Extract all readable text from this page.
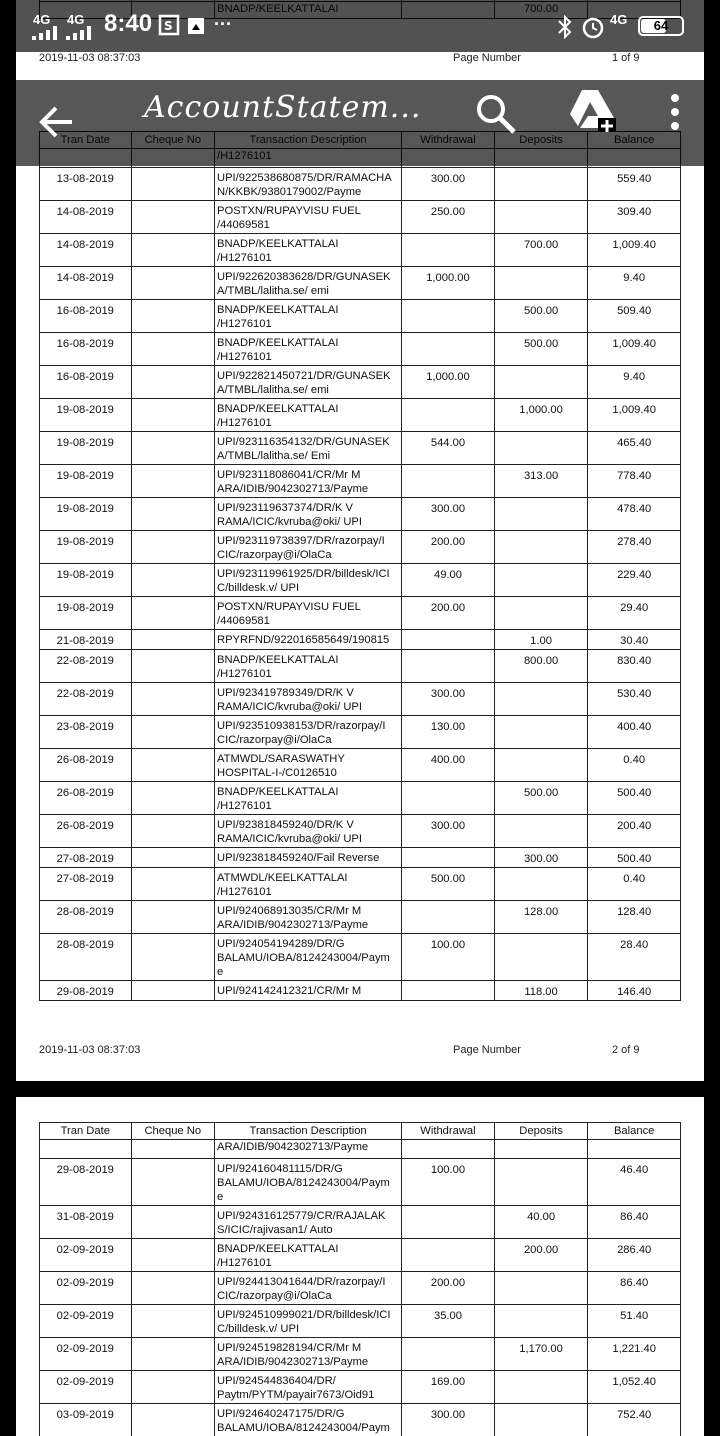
2019-11-03 08:37:03	Page Number	1 of 9

13-08-2019		UPI/922538680875/DR/RAMACHA
N/KKBK/9380179002/Payme	300.00		559.40
14-08-2019		POSTXN/RUPAYVISU FUEL
/44069581	250.00		309.40
14-08-2019		BNADP/KEELKATTALAI
/H1276101		700.00	1,009.40
14-08-2019		UPI/922620383628/DR/GUNASEK
A/TMBL/lalitha.se/ emi	1,000.00		9.40
16-08-2019		BNADP/KEELKATTALAI
/H1276101		500.00	509.40
16-08-2019		BNADP/KEELKATTALAI
/H1276101		500.00	1,009.40
16-08-2019		UPI/922821450721/DR/GUNASEK
A/TMBL/lalitha.se/ emi	1,000.00		9.40
19-08-2019		BNADP/KEELKATTALAI
/H1276101		1,000.00	1,009.40
19-08-2019		UPI/923116354132/DR/GUNASEK
A/TMBL/lalitha.se/ Emi	544.00		465.40
19-08-2019		UPI/923118086041/CR/Mr M
ARA/IDIB/9042302713/Payme		313.00	778.40
19-08-2019		UPI/923119637374/DR/K V
RAMA/ICIC/kvruba@oki/ UPI	300.00		478.40
19-08-2019		UPI/923119738397/DR/razorpay/I
CIC/razorpay@i/OlaCa	200.00		278.40
19-08-2019		UPI/923119961925/DR/billdesk/ICI
C/billdesk.v/ UPI	49.00		229.40
19-08-2019		POSTXN/RUPAYVISU FUEL
/44069581	200.00		29.40
21-08-2019		RPYRFND/922016585649/190815		1.00	30.40
22-08-2019		BNADP/KEELKATTALAI
/H1276101		800.00	830.40
22-08-2019		UPI/923419789349/DR/K V
RAMA/ICIC/kvruba@oki/ UPI	300.00		530.40
23-08-2019		UPI/923510938153/DR/razorpay/I
CIC/razorpay@i/OlaCa	130.00		400.40
26-08-2019		ATMWDL/SARASWATHY
HOSPITAL-I-/C0126510	400.00		0.40
26-08-2019		BNADP/KEELKATTALAI
/H1276101		500.00	500.40
26-08-2019		UPI/923818459240/DR/K V
RAMA/ICIC/kvruba@oki/ UPI	300.00		200.40
27-08-2019		UPI/923818459240/Fail Reverse		300.00	500.40
27-08-2019		ATMWDL/KEELKATTALAI
/H1276101	500.00		0.40
28-08-2019		UPI/924068913035/CR/Mr M
ARA/IDIB/9042302713/Payme		128.00	128.40
28-08-2019		UPI/924054194289/DR/G
BALAMU/IOBA/8124243004/Paym
e	100.00		28.40
29-08-2019		UPI/924142412321/CR/Mr M		118.00	146.40
2019-11-03 08:37:03	Page Number	2 of 9
Tran Date	Cheque No	Transaction Description	Withdrawal	Deposits	Balance
		ARA/IDIB/9042302713/Payme			

29-08-2019		UPI/924160481115/DR/G
BALAMU/IOBA/8124243004/Paym
e	100.00		46.40
31-08-2019		UPI/924316125779/CR/RAJALAK
S/ICIC/rajivasan1/ Auto		40.00	86.40
02-09-2019		BNADP/KEELKATTALAI
/H1276101		200.00	286.40
02-09-2019		UPI/924413041644/DR/razorpay/I
CIC/razorpay@i/OlaCa	200.00		86.40
02-09-2019		UPI/924510999021/DR/billdesk/ICI
C/billdesk.v/ UPI	35.00		51.40
02-09-2019		UPI/924519828194/CR/Mr M
ARA/IDIB/9042302713/Payme		1,170.00	1,221.40
02-09-2019		UPI/924544836404/DR/
Paytm/PYTM/payair7673/Oid91	169.00		1,052.40
03-09-2019		UPI/924640247175/DR/G
BALAMU/IOBA/8124243004/Paym	300.00		752.40
4G 4G 8:40 S ···	4G	64
AccountStatem...
